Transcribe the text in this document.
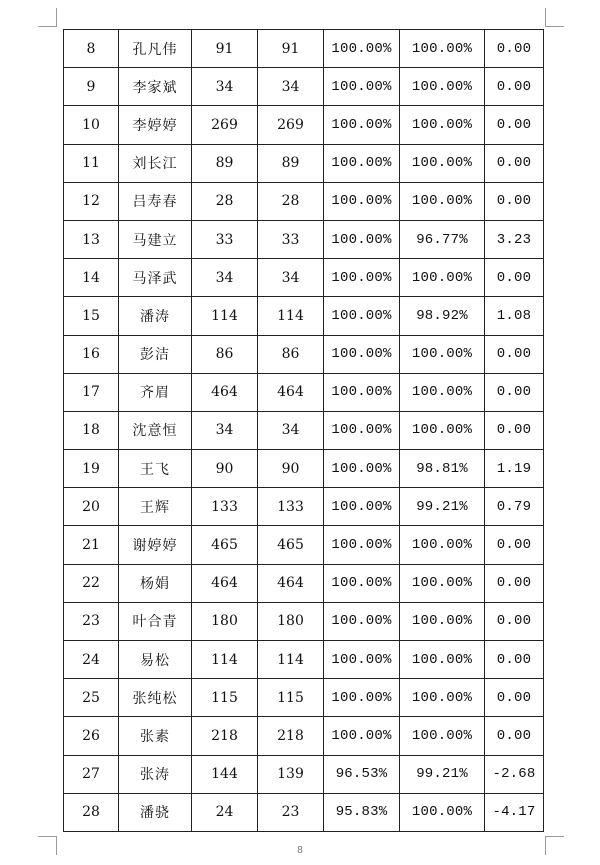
8	孔凡伟	91	91	100.00%	100.00%	0.00
9	李家斌	34	34	100.00%	100.00%	0.00
10	李婷婷	269	269	100.00%	100.00%	0.00
11	刘长江	89	89	100.00%	100.00%	0.00
12	吕寿春	28	28	100.00%	100.00%	0.00
13	马建立	33	33	100.00%	96.77%	3.23
14	马泽武	34	34	100.00%	100.00%	0.00
15	潘涛	114	114	100.00%	98.92%	1.08
16	彭洁	86	86	100.00%	100.00%	0.00
17	齐眉	464	464	100.00%	100.00%	0.00
18	沈意恒	34	34	100.00%	100.00%	0.00
19	王飞	90	90	100.00%	98.81%	1.19
20	王辉	133	133	100.00%	99.21%	0.79
21	谢婷婷	465	465	100.00%	100.00%	0.00
22	杨娟	464	464	100.00%	100.00%	0.00
23	叶合青	180	180	100.00%	100.00%	0.00
24	易松	114	114	100.00%	100.00%	0.00
25	张纯松	115	115	100.00%	100.00%	0.00
26	张素	218	218	100.00%	100.00%	0.00
27	张涛	144	139	96.53%	99.21%	-2.68
28	潘骁	24	23	95.83%	100.00%	-4.17
8
